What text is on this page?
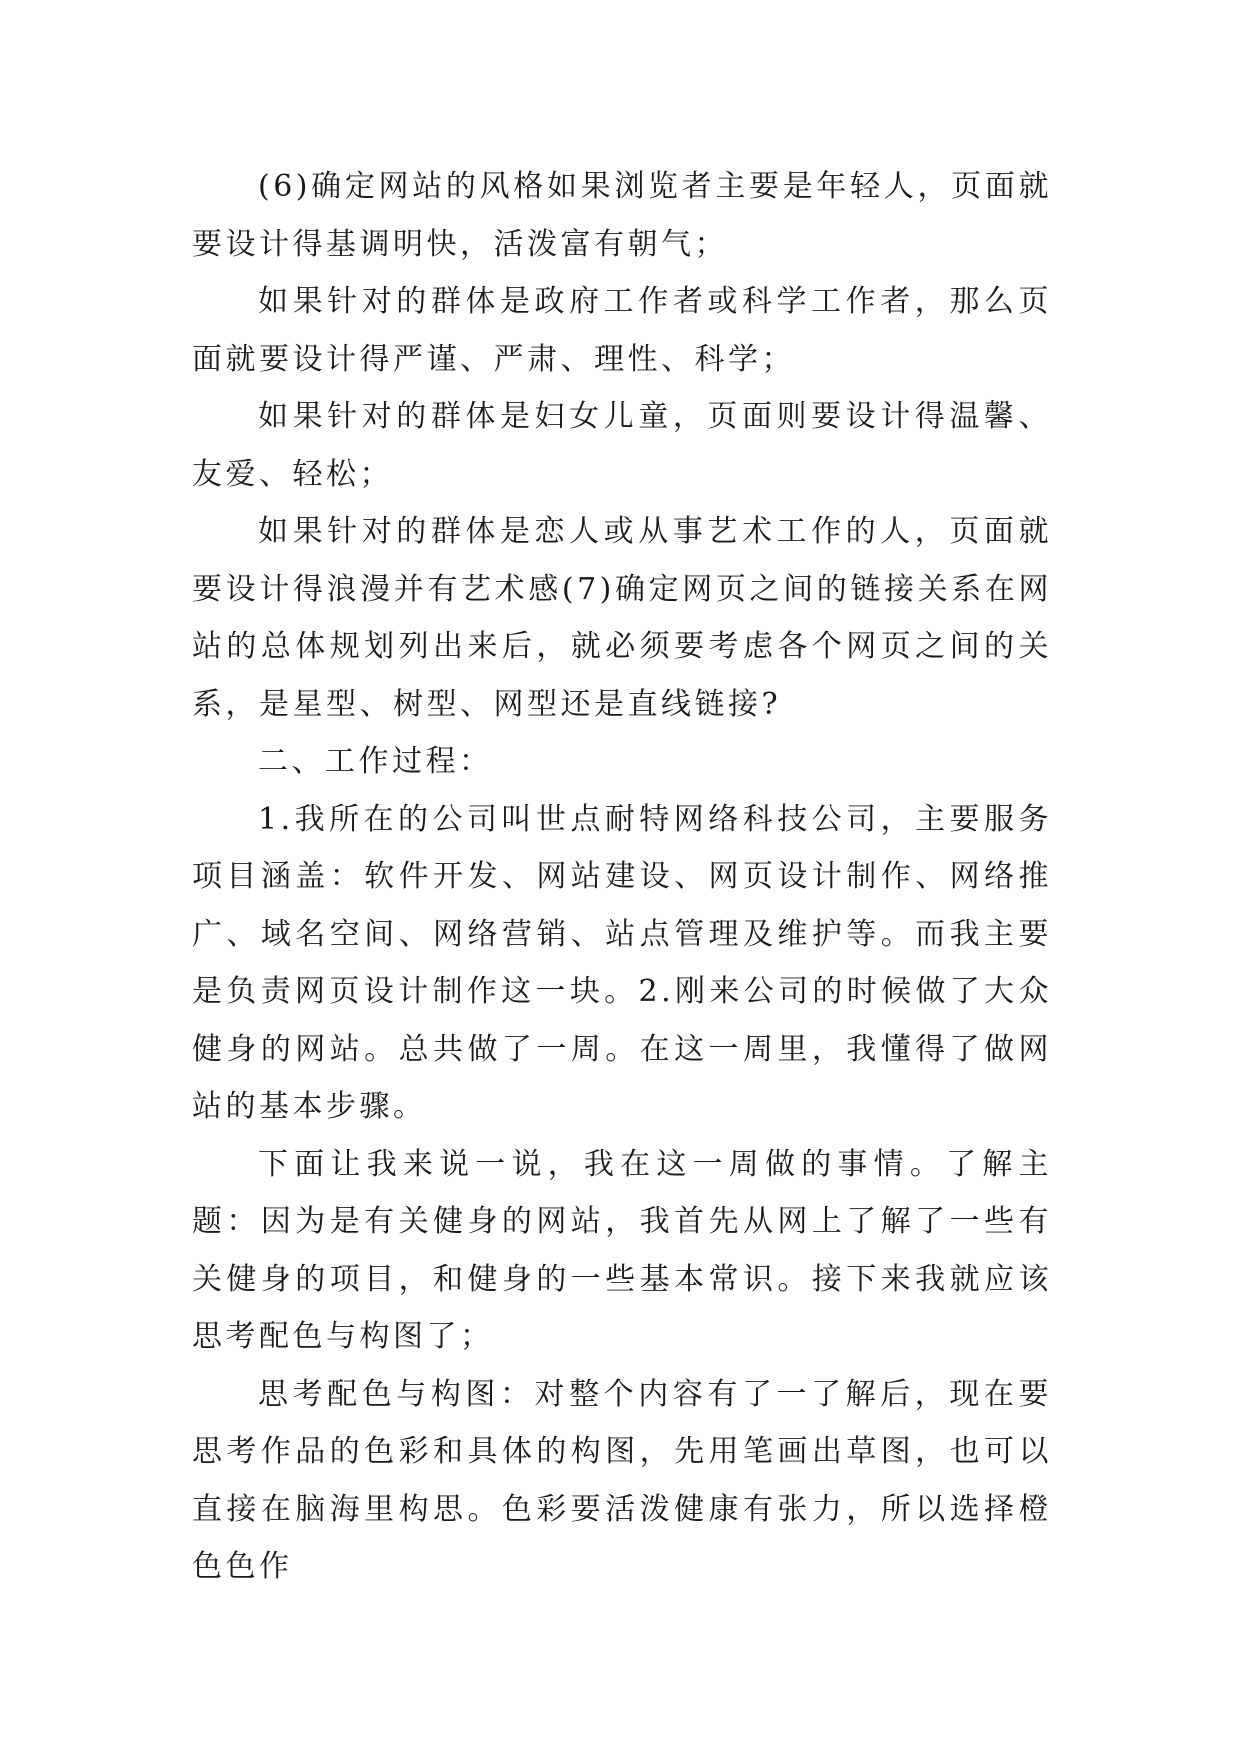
(6)确定网站的风格如果浏览者主要是年轻人，页面就要设计得基调明快，活泼富有朝气；

如果针对的群体是政府工作者或科学工作者，那么页面就要设计得严谨、严肃、理性、科学；

如果针对的群体是妇女儿童，页面则要设计得温馨、友爱、轻松；

如果针对的群体是恋人或从事艺术工作的人，页面就要设计得浪漫并有艺术感(7)确定网页之间的链接关系在网站的总体规划列出来后，就必须要考虑各个网页之间的关系，是星型、树型、网型还是直线链接?

二、工作过程：

1.我所在的公司叫世点耐特网络科技公司，主要服务项目涵盖：软件开发、网站建设、网页设计制作、网络推广、域名空间、网络营销、站点管理及维护等。而我主要是负责网页设计制作这一块。2.刚来公司的时候做了大众健身的网站。总共做了一周。在这一周里，我懂得了做网站的基本步骤。

下面让我来说一说，我在这一周做的事情。了解主题：因为是有关健身的网站，我首先从网上了解了一些有关健身的项目，和健身的一些基本常识。接下来我就应该思考配色与构图了；

思考配色与构图：对整个内容有了一了解后，现在要思考作品的色彩和具体的构图，先用笔画出草图，也可以直接在脑海里构思。色彩要活泼健康有张力，所以选择橙色色作
